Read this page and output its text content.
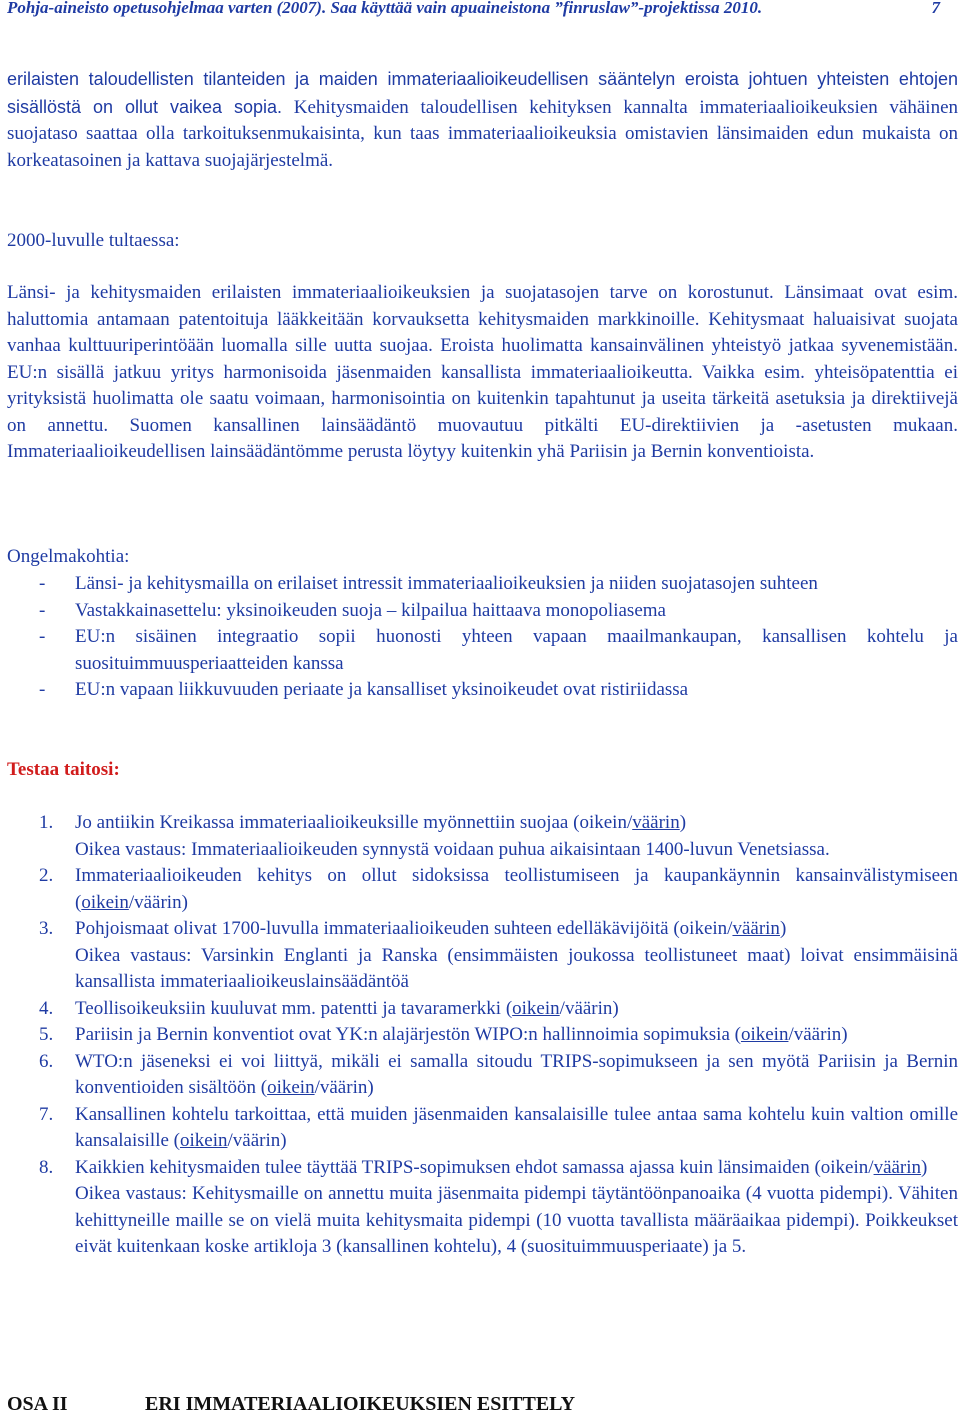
Pohja-aineisto opetusohjelmaa varten (2007). Saa käyttää vain apuaineistona ”finruslaw”-projektissa 2010.	7
erilaisten taloudellisten tilanteiden ja maiden immateriaalioikeudellisen sääntelyn eroista johtuen yhteisten ehtojen sisällöstä on ollut vaikea sopia. Kehitysmaiden taloudellisen kehityksen kannalta immateriaalioikeuksien vähäinen suojataso saattaa olla tarkoituksenmukaisinta, kun taas immateriaalioikeuksia omistavien länsimaiden edun mukaista on korkeatasoinen ja kattava suojajärjestelmä.
2000-luvulle tultaessa:
Länsi- ja kehitysmaiden erilaisten immateriaalioikeuksien ja suojatasojen tarve on korostunut. Länsimaat ovat esim. haluttomia antamaan patentoituja lääkkeitään korvauksetta kehitysmaiden markkinoille. Kehitysmaat haluaisivat suojata vanhaa kulttuuriperintöään luomalla sille uutta suojaa. Eroista huolimatta kansainvälinen yhteistyö jatkaa syvenemistään. EU:n sisällä jatkuu yritys harmonisoida jäsenmaiden kansallista immateriaalioikeutta. Vaikka esim. yhteisöpatenttia ei yrityksistä huolimatta ole saatu voimaan, harmonisointia on kuitenkin tapahtunut ja useita tärkeitä asetuksia ja direktiivejä on annettu. Suomen kansallinen lainsäädäntö muovautuu pitkälti EU-direktiivien ja -asetusten mukaan. Immateriaalioikeudellisen lainsäädäntömme perusta löytyy kuitenkin yhä Pariisin ja Bernin konventioista.
Ongelmakohtia:
- Länsi- ja kehitysmailla on erilaiset intressit immateriaalioikeuksien ja niiden suojatasojen suhteen
- Vastakkainasettelu: yksinoikeuden suoja – kilpailua haittaava monopoliasema
- EU:n sisäinen integraatio sopii huonosti yhteen vapaan maailmankaupan, kansallisen kohtelu ja suosituimmuusperiaatteiden kanssa
- EU:n vapaan liikkuvuuden periaate ja kansalliset yksinoikeudet ovat ristiriidassa
Testaa taitosi:
1. Jo antiikin Kreikassa immateriaalioikeuksille myönnettiin suojaa (oikein/väärin)
Oikea vastaus: Immateriaalioikeuden synnystä voidaan puhua aikaisintaan 1400-luvun Venetsiassa.
2. Immateriaalioikeuden kehitys on ollut sidoksissa teollistumiseen ja kaupankäynnin kansainvälistymiseen (oikein/väärin)
3. Pohjoismaat olivat 1700-luvulla immateriaalioikeuden suhteen edelläkävijöitä (oikein/väärin)
Oikea vastaus: Varsinkin Englanti ja Ranska (ensimmäisten joukossa teollistuneet maat) loivat ensimmäisinä kansallista immateriaalioikeuslainsäädäntöä
4. Teollisoikeuksiin kuuluvat mm. patentti ja tavaramerkki (oikein/väärin)
5. Pariisin ja Bernin konventiot ovat YK:n alajärjestön WIPO:n hallinnoimia sopimuksia (oikein/väärin)
6. WTO:n jäseneksi ei voi liittyä, mikäli ei samalla sitoudu TRIPS-sopimukseen ja sen myötä Pariisin ja Bernin konventioiden sisältöön (oikein/väärin)
7. Kansallinen kohtelu tarkoittaa, että muiden jäsenmaiden kansalaisille tulee antaa sama kohtelu kuin valtion omille kansalaisille (oikein/väärin)
8. Kaikkien kehitysmaiden tulee täyttää TRIPS-sopimuksen ehdot samassa ajassa kuin länsimaiden (oikein/väärin)
Oikea vastaus: Kehitysmaille on annettu muita jäsenmaita pidempi täytäntöönpanoaika (4 vuotta pidempi). Vähiten kehittyneille maille se on vielä muita kehitysmaita pidempi (10 vuotta tavallista määräaikaa pidempi). Poikkeukset eivät kuitenkaan koske artikloja 3 (kansallinen kohtelu), 4 (suosituimmuusperiaate) ja 5.
OSA II	ERI IMMATERIAALIOIKEUKSIEN ESITTELY
